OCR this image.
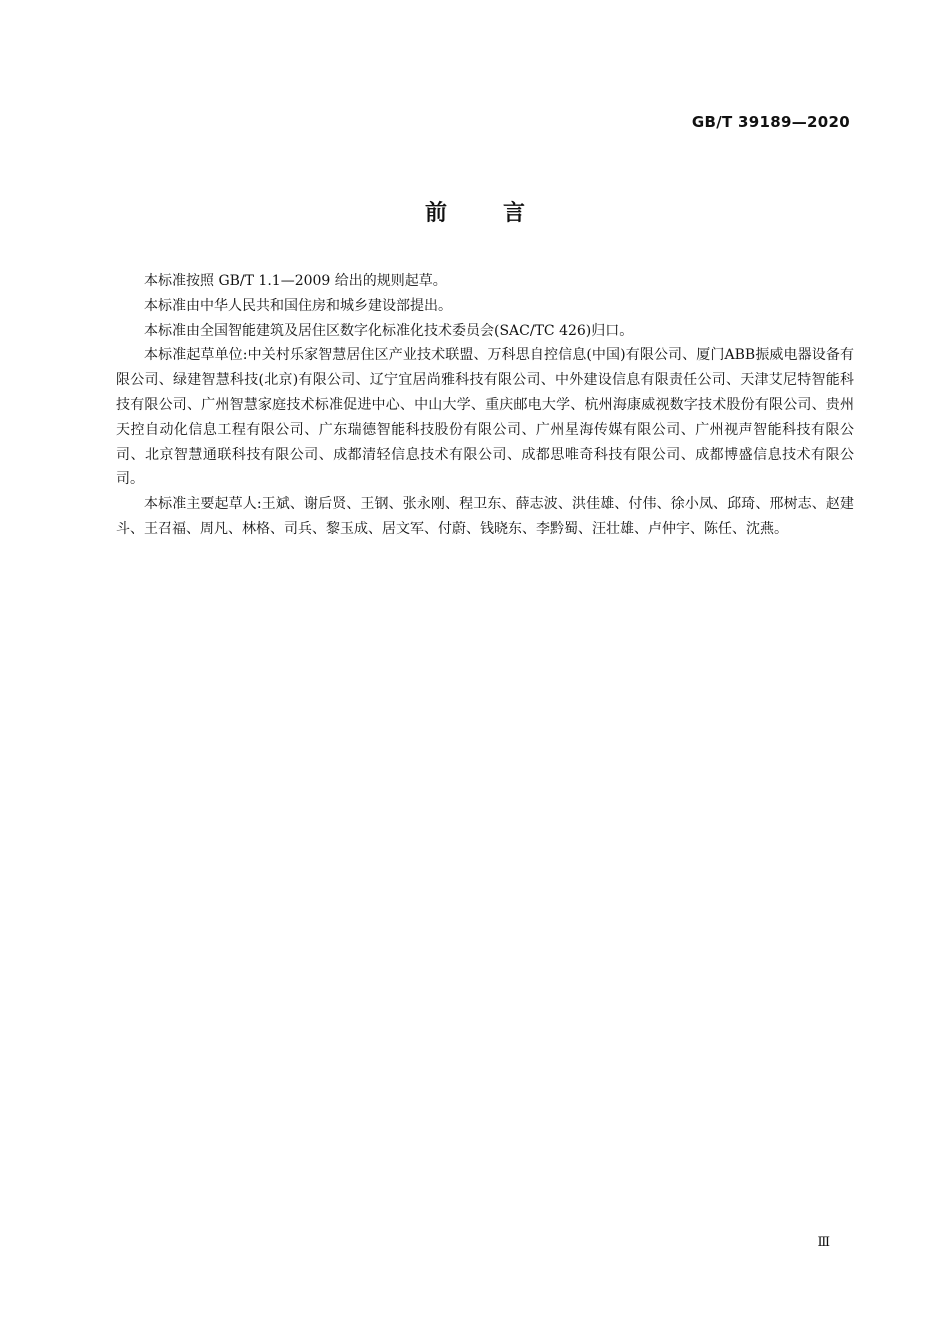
GB/T 39189—2020
前言

本标准按照 GB/T 1.1—2009 给出的规则起草。

本标准由中华人民共和国住房和城乡建设部提出。

本标准由全国智能建筑及居住区数字化标准化技术委员会(SAC/TC 426)归口。

本标准起草单位:中关村乐家智慧居住区产业技术联盟、万科思自控信息(中国)有限公司、厦门ABB振威电器设备有限公司、绿建智慧科技(北京)有限公司、辽宁宜居尚雅科技有限公司、中外建设信息有限责任公司、天津艾尼特智能科技有限公司、广州智慧家庭技术标准促进中心、中山大学、重庆邮电大学、杭州海康威视数字技术股份有限公司、贵州天控自动化信息工程有限公司、广东瑞德智能科技股份有限公司、广州星海传媒有限公司、广州视声智能科技有限公司、北京智慧通联科技有限公司、成都清轻信息技术有限公司、成都思唯奇科技有限公司、成都博盛信息技术有限公司。

本标准主要起草人:王斌、谢后贤、王钢、张永刚、程卫东、薛志波、洪佳雄、付伟、徐小凤、邱琦、邢树志、赵建斗、王召福、周凡、林格、司兵、黎玉成、居文军、付蔚、钱晓东、李黔蜀、汪壮雄、卢仲宇、陈任、沈燕。

Ⅲ
